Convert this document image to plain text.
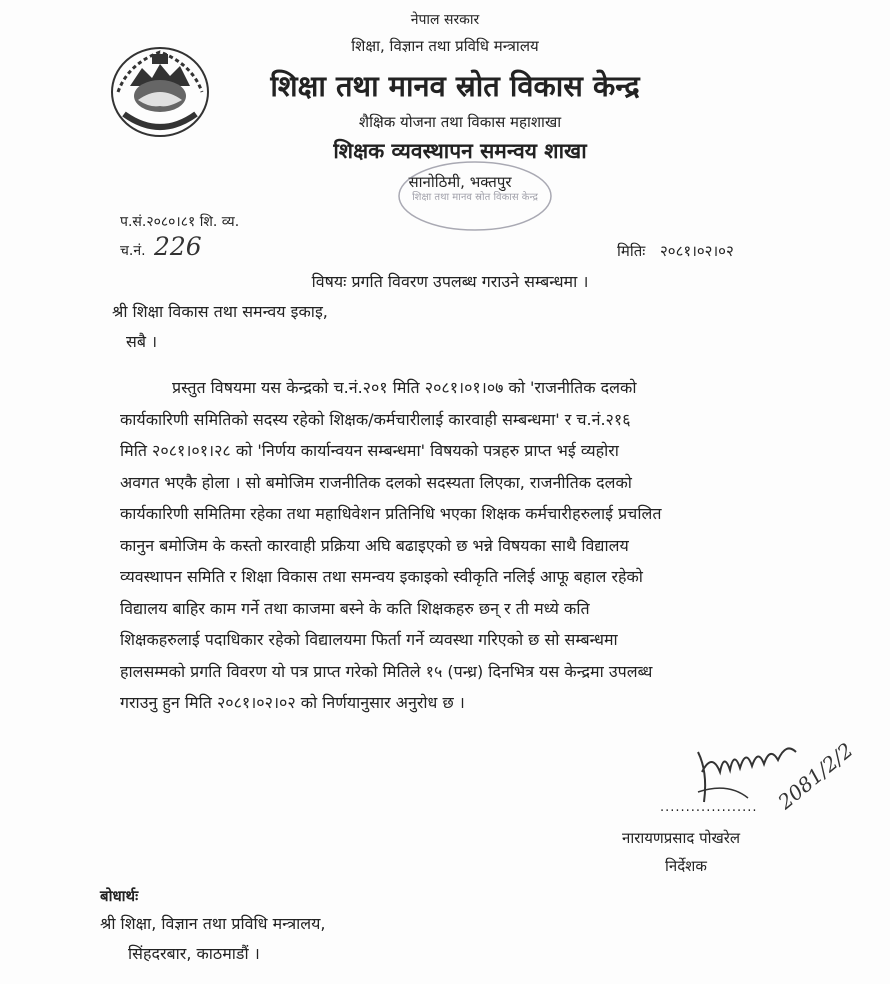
नेपाल सरकार
शिक्षा, विज्ञान तथा प्रविधि मन्त्रालय
शिक्षा तथा मानव स्रोत विकास केन्द्र
शैक्षिक योजना तथा विकास महाशाखा
शिक्षक व्यवस्थापन समन्वय शाखा
सानोठिमी, भक्तपुर
शिक्षा तथा मानव स्रोत विकास केन्द्र
प.सं.२०८०।८१ शि. व्य.
च.नं. 226	मितिः २०८१।०२।०२
विषयः प्रगति विवरण उपलब्ध गराउने सम्बन्धमा ।
श्री शिक्षा विकास तथा समन्वय इकाइ,
सबै ।
प्रस्तुत विषयमा यस केन्द्रको च.नं.२०१ मिति २०८१।०१।०७ को 'राजनीतिक दलको
कार्यकारिणी समितिको सदस्य रहेको शिक्षक/कर्मचारीलाई कारवाही सम्बन्धमा' र च.नं.२१६
मिति २०८१।०१।२८ को 'निर्णय कार्यान्वयन सम्बन्धमा' विषयको पत्रहरु प्राप्त भई व्यहोरा
अवगत भएकै होला । सो बमोजिम राजनीतिक दलको सदस्यता लिएका, राजनीतिक दलको
कार्यकारिणी समितिमा रहेका तथा महाधिवेशन प्रतिनिधि भएका शिक्षक कर्मचारीहरुलाई प्रचलित
कानुन बमोजिम के कस्तो कारवाही प्रक्रिया अघि बढाइएको छ भन्ने विषयका साथै विद्यालय
व्यवस्थापन समिति र शिक्षा विकास तथा समन्वय इकाइको स्वीकृति नलिई आफू बहाल रहेको
विद्यालय बाहिर काम गर्ने तथा काजमा बस्ने के कति शिक्षकहरु छन् र ती मध्ये कति
शिक्षकहरुलाई पदाधिकार रहेको विद्यालयमा फिर्ता गर्ने व्यवस्था गरिएको छ सो सम्बन्धमा
हालसम्मको प्रगति विवरण यो पत्र प्राप्त गरेको मितिले १५ (पन्ध्र) दिनभित्र यस केन्द्रमा उपलब्ध
गराउनु हुन मिति २०८१।०२।०२ को निर्णयानुसार अनुरोध छ ।
2081/2/2
...................
नारायणप्रसाद पोखरेल
निर्देशक
बोधार्थः
श्री शिक्षा, विज्ञान तथा प्रविधि मन्त्रालय,
सिंहदरबार, काठमाडौं ।
